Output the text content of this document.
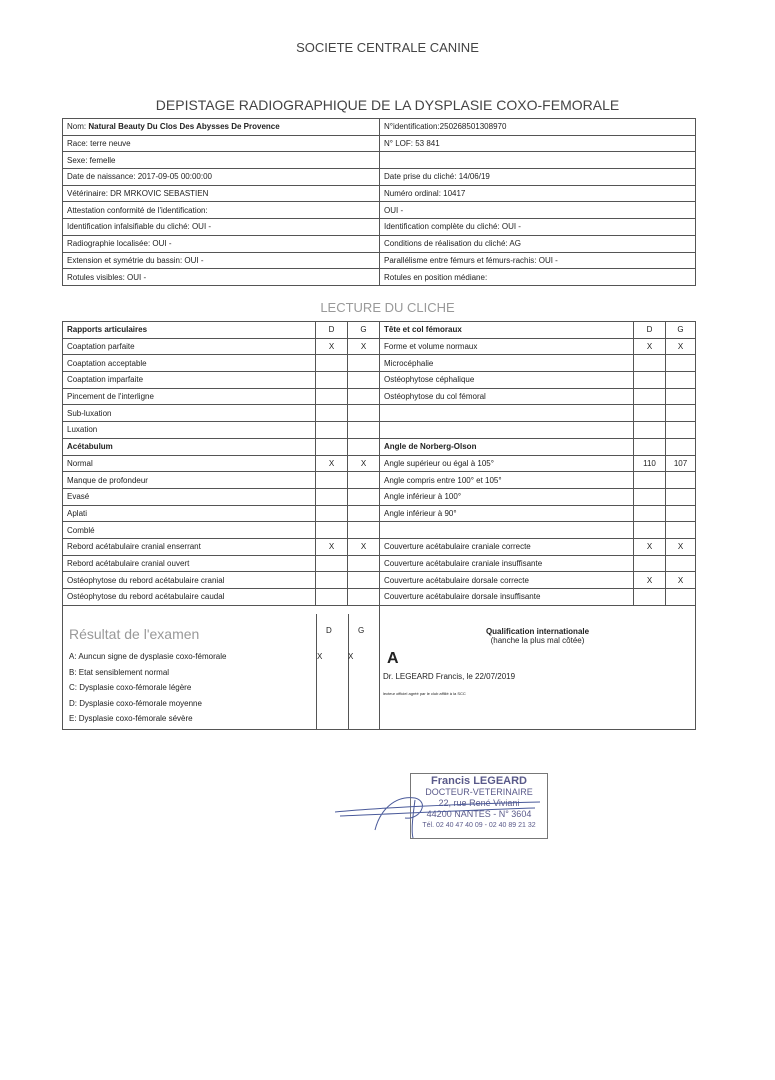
SOCIETE CENTRALE CANINE
DEPISTAGE RADIOGRAPHIQUE DE LA DYSPLASIE COXO-FEMORALE
Nom: Natural Beauty Du Clos Des Abysses De Provence	N°identification:250268501308970
Race: terre neuve	N° LOF: 53 841
Sexe: femelle	
Date de naissance: 2017-09-05 00:00:00	Date prise du cliché: 14/06/19
Vétérinaire: DR MRKOVIC SEBASTIEN	Numéro ordinal: 10417
Attestation conformité de l'identification:	OUI -
Identification infalsifiable du cliché: OUI -	Identification complète du cliché: OUI -
Radiographie localisée: OUI -	Conditions de réalisation du cliché: AG
Extension et symétrie du bassin: OUI -	Parallélisme entre fémurs et fémurs-rachis: OUI -
Rotules visibles: OUI -	Rotules en position médiane:
LECTURE DU CLICHE
Rapports articulaires	D	G	Tête et col fémoraux	D	G
Coaptation parfaite	X	X	Forme et volume normaux	X	X
Coaptation acceptable			Microcéphalie		
Coaptation imparfaite			Ostéophytose céphalique		
Pincement de l'interligne			Ostéophytose du col fémoral		
Sub-luxation					
Luxation					
Acétabulum			Angle de Norberg-Olson		
Normal	X	X	Angle supérieur ou égal à 105°	110	107
Manque de profondeur			Angle compris entre 100° et 105°		
Evasé			Angle inférieur à 100°		
Aplati			Angle inférieur à 90°		
Comblé					
Rebord acétabulaire cranial enserrant	X	X	Couverture acétabulaire craniale correcte	X	X
Rebord acétabulaire cranial ouvert			Couverture acétabulaire craniale insuffisante		
Ostéophytose du rebord acétabulaire cranial			Couverture acétabulaire dorsale correcte	X	X
Ostéophytose du rebord acétabulaire caudal			Couverture acétabulaire dorsale insuffisante		
Résultat de l'examen	D	G
A: Auncun signe de dysplasie coxo-fémorale	X	X
B: Etat sensiblement normal
C: Dysplasie coxo-fémorale légère
D: Dysplasie coxo-fémorale moyenne
E: Dysplasie coxo-fémorale sévère
Qualification internationale
(hanche la plus mal côtée)
A
Dr. LEGEARD Francis, le 22/07/2019
lecteur officiel agréé par le club affilié à la SCC
Francis LEGEARD
DOCTEUR-VETERINAIRE
22, rue René Viviani
44200 NANTES - N° 3604
Tél. 02 40 47 40 09 - 02 40 89 21 32
